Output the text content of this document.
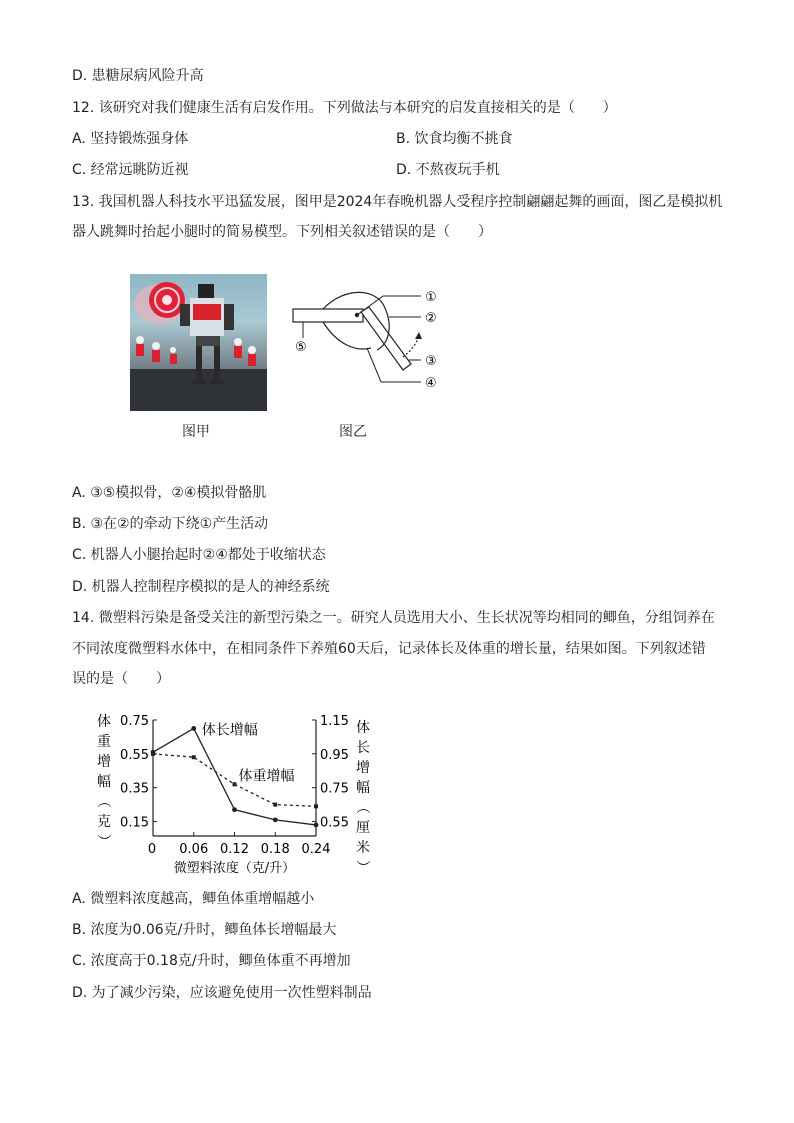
D. 患糖尿病风险升高
12. 该研究对我们健康生活有启发作用。下列做法与本研究的启发直接相关的是（　　）
A. 坚持锻炼强身体	B. 饮食均衡不挑食
C. 经常远眺防近视	D. 不熬夜玩手机
13. 我国机器人科技水平迅猛发展，图甲是2024年春晚机器人受程序控制翩翩起舞的画面，图乙是模拟机
器人跳舞时抬起小腿时的简易模型。下列相关叙述错误的是（　　）
图甲
①
②
③
④
⑤
图乙
A. ③⑤模拟骨，②④模拟骨骼肌
B. ③在②的牵动下绕①产生活动
C. 机器人小腿抬起时②④都处于收缩状态
D. 机器人控制程序模拟的是人的神经系统
14. 微塑料污染是备受关注的新型污染之一。研究人员选用大小、生长状况等均相同的鲫鱼，分组饲养在
不同浓度微塑料水体中，在相同条件下养殖60天后，记录体长及体重的增长量，结果如图。下列叙述错
误的是（　　）
0.75
0.55
0.35
0.15
1.15
0.95
0.75
0.55
0 0.06 0.12 0.18 0.24
微塑料浓度（克/升）
体
重
增
幅
（
克
）
体
长
增
幅
（
厘
米
）
体长增幅
体重增幅
A. 微塑料浓度越高，鲫鱼体重增幅越小
B. 浓度为0.06克/升时，鲫鱼体长增幅最大
C. 浓度高于0.18克/升时，鲫鱼体重不再增加
D. 为了减少污染，应该避免使用一次性塑料制品
